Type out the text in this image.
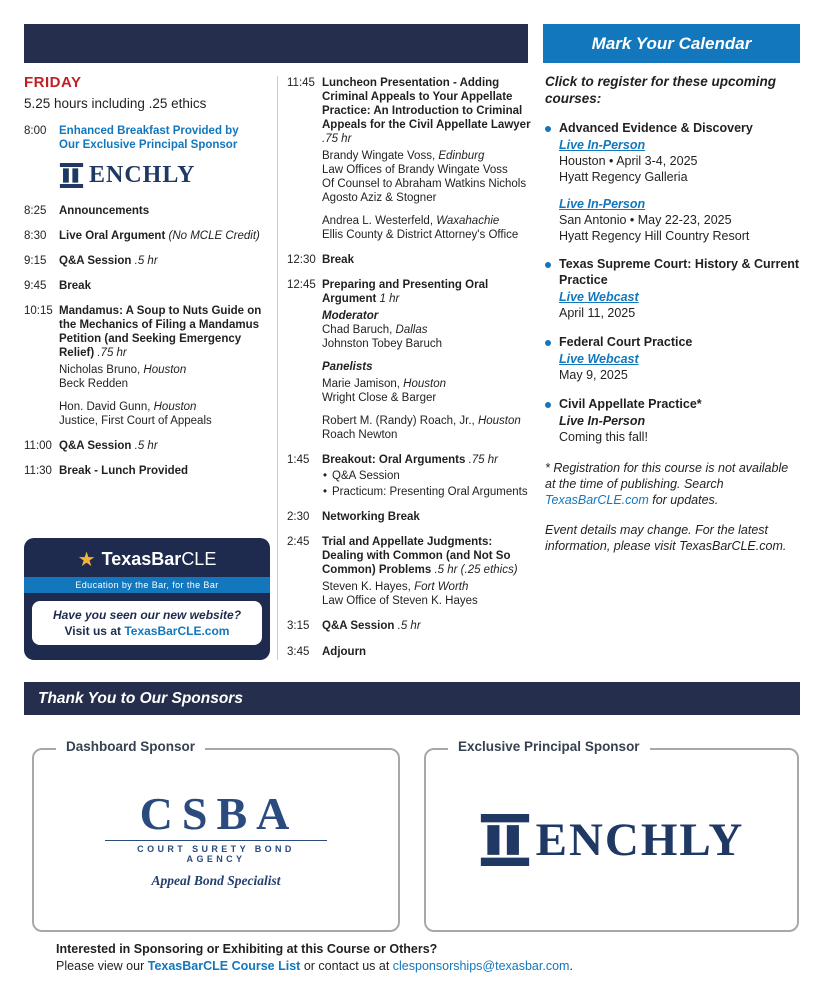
Mark Your Calendar
FRIDAY
5.25 hours including .25 ethics
8:00	Enhanced Breakfast Provided by
Our Exclusive Principal Sponsor

ENCHLY
8:25	Announcements
8:30	Live Oral Argument (No MCLE Credit)
9:15	Q&A Session .5 hr
9:45	Break
10:15 Mandamus: A Soup to Nuts Guide on the Mechanics of Filing a Mandamus Petition (and Seeking Emergency Relief) .75 hr

Nicholas Bruno, Houston
Beck Redden

Hon. David Gunn, Houston
Justice, First Court of Appeals

11:00 Q&A Session .5 hr
11:30 Break - Lunch Provided
★ TexasBarCLE
Education by the Bar, for the Bar
Have you seen our new website?
Visit us at TexasBarCLE.com
11:45 Luncheon Presentation - Adding Criminal Appeals to Your Appellate Practice: An Introduction to Criminal Appeals for the Civil Appellate Lawyer .75 hr

Brandy Wingate Voss, Edinburg
Law Offices of Brandy Wingate Voss
Of Counsel to Abraham Watkins Nichols Agosto Aziz & Stogner

Andrea L. Westerfeld, Waxahachie
Ellis County & District Attorney's Office

12:30 Break
12:45 Preparing and Presenting Oral Argument 1 hr

Moderator
Chad Baruch, Dallas
Johnston Tobey Baruch

Panelists

Marie Jamison, Houston
Wright Close & Barger

Robert M. (Randy) Roach, Jr., Houston
Roach Newton

1:45	Breakout: Oral Arguments .75 hr
• Q&A Session
• Practicum: Presenting Oral Arguments
2:30	Networking Break
2:45	Trial and Appellate Judgments: Dealing with Common (and Not So Common) Problems .5 hr (.25 ethics)

Steven K. Hayes, Fort Worth
Law Office of Steven K. Hayes

3:15	Q&A Session .5 hr
3:45	Adjourn
Click to register for these upcoming courses:
Advanced Evidence & Discovery
Live In-Person
Houston • April 3-4, 2025
Hyatt Regency Galleria
Live In-Person
San Antonio • May 22-23, 2025
Hyatt Regency Hill Country Resort
Texas Supreme Court: History & Current Practice
Live Webcast
April 11, 2025
Federal Court Practice
Live Webcast
May 9, 2025
Civil Appellate Practice*
Live In-Person
Coming this fall!

* Registration for this course is not available at the time of publishing. Search TexasBarCLE.com for updates.

Event details may change. For the latest information, please visit TexasBarCLE.com.

Thank You to Our Sponsors
Dashboard Sponsor
CSBA
COURT SURETY BOND AGENCY
Appeal Bond Specialist
Exclusive Principal Sponsor
ENCHLY
Interested in Sponsoring or Exhibiting at this Course or Others?
Please view our TexasBarCLE Course List or contact us at clesponsorships@texasbar.com.
